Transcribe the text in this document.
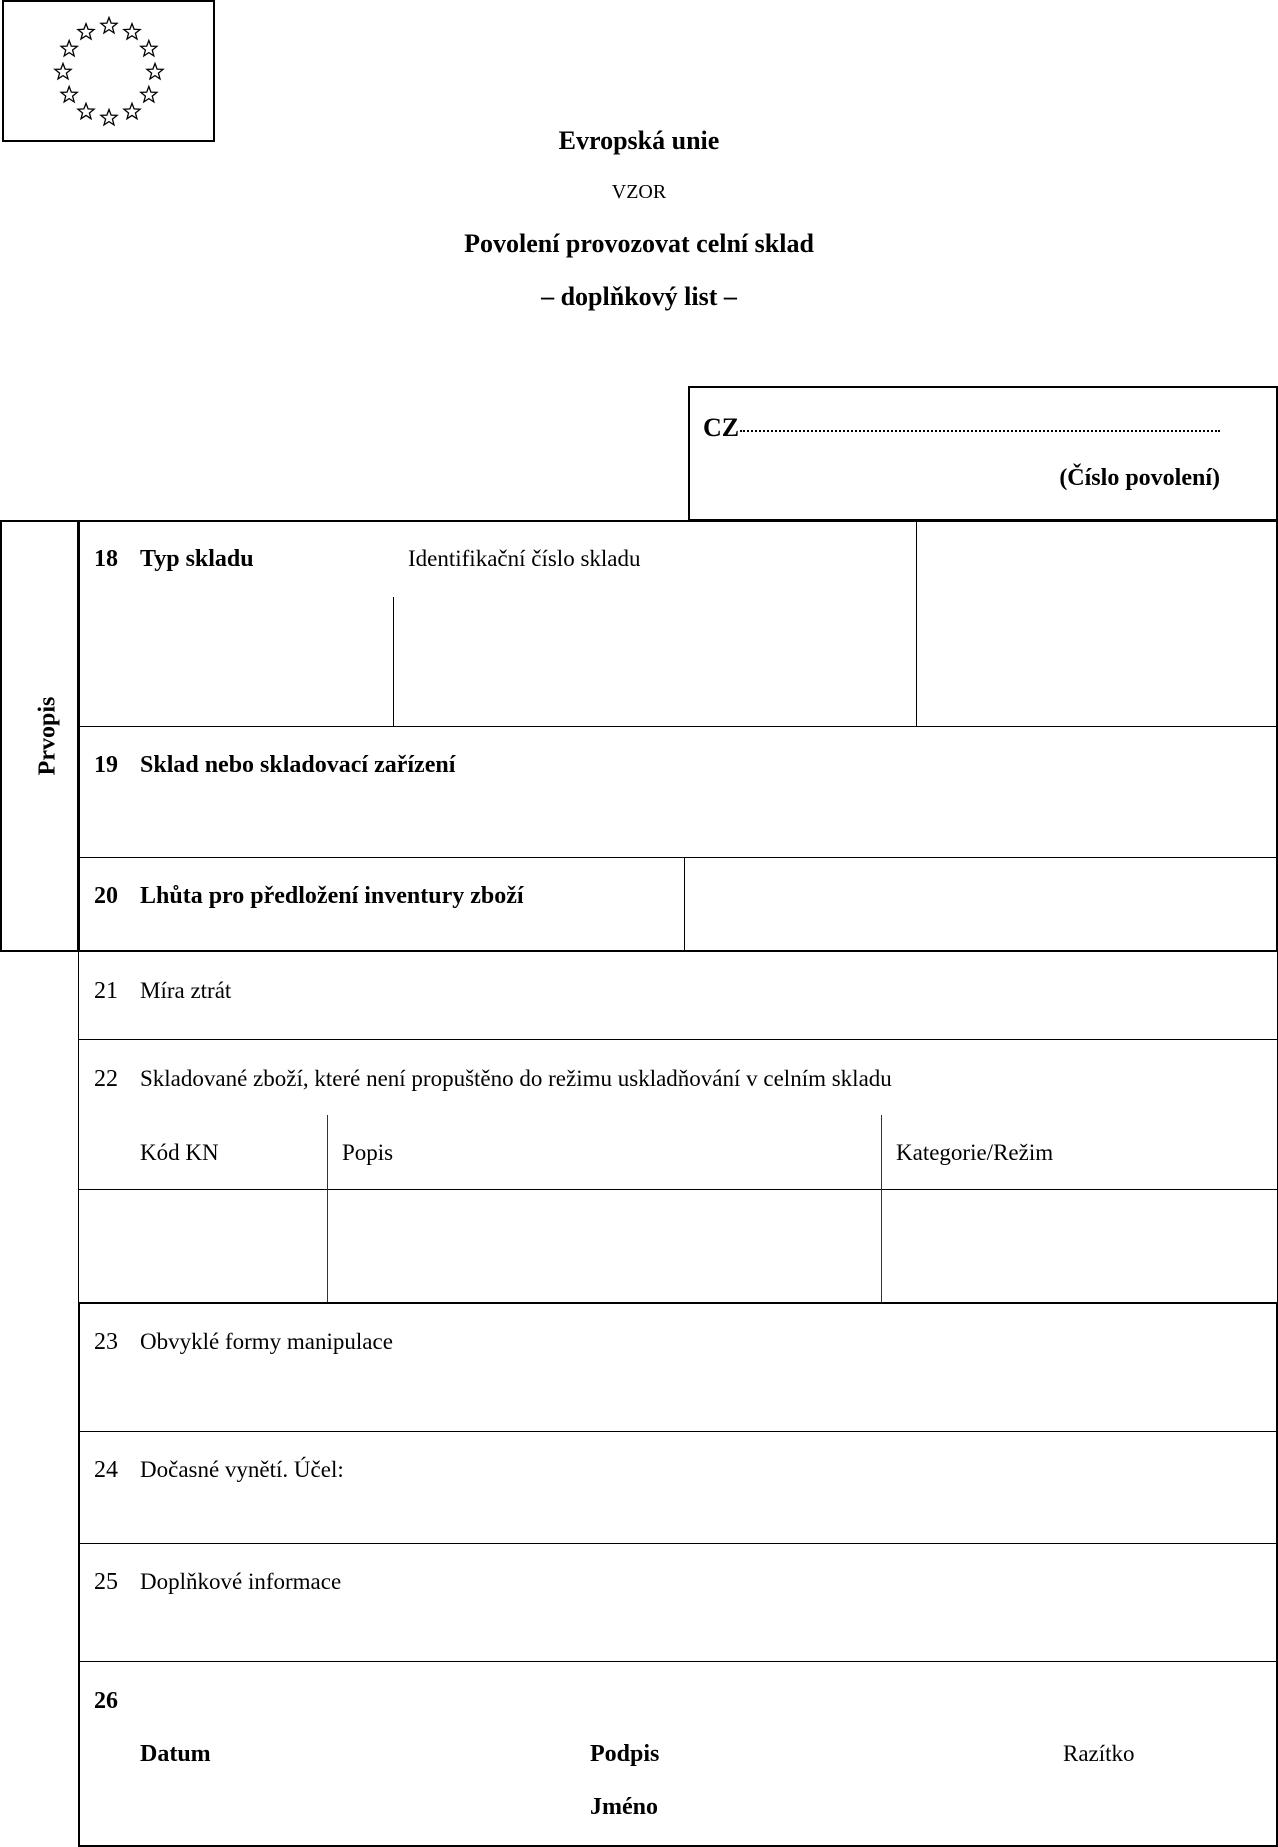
Evropská unie
VZOR
Povolení provozovat celní sklad
– doplňkový list –
CZ
(Číslo povolení)
Prvopis
18 Typ skladu	Identifikační číslo skladu
19 Sklad nebo skladovací zařízení
20 Lhůta pro předložení inventury zboží
21 Míra ztrát
22 Skladované zboží, které není propuštěno do režimu uskladňování v celním skladu
Kód KN	Popis	Kategorie/Režim
23 Obvyklé formy manipulace
24 Dočasné vynětí. Účel:
25 Doplňkové informace
26
Datum	Podpis	Razítko
Jméno
